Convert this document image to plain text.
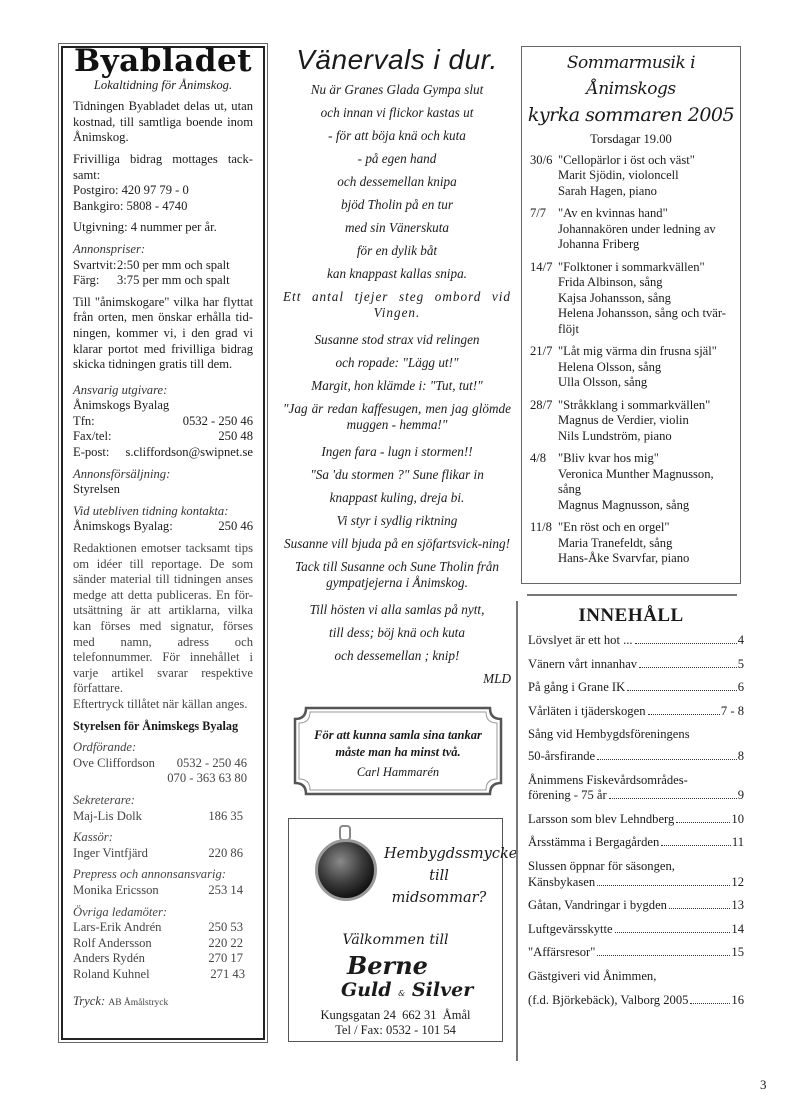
Byabladet
Lokaltidning för Ånimskog.
Tidningen Byabladet delas ut, utan kostnad, till samtliga boende inom Ånimskog.
Frivilliga bidrag mottages tack-samt:
Postgiro: 420 97 79 - 0
Bankgiro: 5808 - 4740
Utgivning: 4 nummer per år.
Annonspriser:
Svartvit: 2:50 per mm och spalt
Färg:	3:75 per mm och spalt
Till "ånimskogare" vilka har flyttat från orten, men önskar erhålla tid-ningen, kommer vi, i den grad vi klarar portot med frivilliga bidrag skicka tidningen gratis till dem.
Ansvarig utgivare:
Ånimskogs Byalag
Tfn:	0532 - 250 46
Fax/tel:	250 48
E-post: s.cliffordson@swipnet.se
Annonsförsäljning:
Styrelsen
Vid utebliven tidning kontakta:
Ånimskogs Byalag:	250 46
Redaktionen emotser tacksamt tips om idéer till reportage. De som sänder material till tidningen anses medge att detta publiceras. En för-utsättning är att artiklarna, vilka kan förses med signatur, förses med namn, adress och telefonnummer. För innehållet i varje artikel svarar respektive författare.
Eftertryck tillåtet när källan anges.
Styrelsen för Ånimskegs Byalag
Ordförande:
Ove Cliffordson 0532 - 250 46
070 - 363 63 80
Sekreterare:
Maj-Lis Dolk	186 35
Kassör:
Inger Vintfjärd	220 86
Prepress och annonsansvarig:
Monika Ericsson	253 14
Övriga ledamöter:
Lars-Erik Andrén	250 53
Rolf Andersson	220 22
Anders Rydén	270 17
Roland Kuhnel	271 43
Tryck: AB Åmålstryck
Vänervals i dur.
Nu är Granes Glada Gympa slut
och innan vi flickor kastas ut
- för att böja knä och kuta
- på egen hand
och dessemellan knipa
bjöd Tholin på en tur
med sin Vänerskuta
för en dylik båt
kan knappast kallas snipa.
Ett antal tjejer steg ombord vid Vingen.
Susanne stod strax vid relingen
och ropade: "Lägg ut!"
Margit, hon klämde i: "Tut, tut!"
"Jag är redan kaffesugen, men jag glömde muggen - hemma!"
Ingen fara - lugn i stormen!!
"Sa 'du stormen ?" Sune flikar in
knappast kuling, dreja bi.
Vi styr i sydlig riktning
Susanne vill bjuda på en sjöfartsvick-ning!
Tack till Susanne och Sune Tholin från gympatjejerna i Ånimskog.
Till hösten vi alla samlas på nytt,
till dess; böj knä och kuta
och dessemellan ; knip!
MLD
För att kunna samla sina tankar
måste man ha minst två.
Carl Hammarén
Hembygdssmycke
till
midsommar?
Välkommen till
Berne
Guld & Silver
Kungsgatan 24  662 31  Åmål
Tel / Fax: 0532 - 101 54
Sommarmusik i Ånimskogs
kyrka sommaren 2005
Torsdagar 19.00
30/6 "Cellopärlor i öst och väst"
Marit Sjödin, violoncell
Sarah Hagen, piano
7/7 "Av en kvinnas hand"
Johannakören under ledning av Johanna Friberg
14/7 "Folktoner i sommarkvällen"
Frida Albinson, sång
Kajsa Johansson, sång
Helena Johansson, sång och tvär-flöjt
21/7 "Låt mig värma din frusna själ"
Helena Olsson, sång
Ulla Olsson, sång
28/7 "Stråkklang i sommarkvällen"
Magnus de Verdier, violin
Nils Lundström, piano
4/8 "Bliv kvar hos mig"
Veronica Munther Magnusson, sång
Magnus Magnusson, sång
11/8 "En röst och en orgel"
Maria Tranefeldt, sång
Hans-Åke Svarvfar, piano
INNEHÅLL
Lövslyet är ett hot ...	4
Vänern vårt innanhav	5
På gång i Grane IK	6
Vårläten i tjäderskogen	7 - 8
Sång vid Hembygdsföreningens
50-årsfirande	8
Ånimmens Fiskevårdsområdes-
förening - 75 år	9
Larsson som blev Lehndberg	10
Årsstämma i Bergagården	11
Slussen öppnar för säsongen,
Känsbykasen	12
Gåtan, Vandringar i bygden	13
Luftgevärsskytte	14
"Affärsresor"	15
Gästgiveri vid Ånimmen,
(f.d. Björkebäck), Valborg 2005	16
3
